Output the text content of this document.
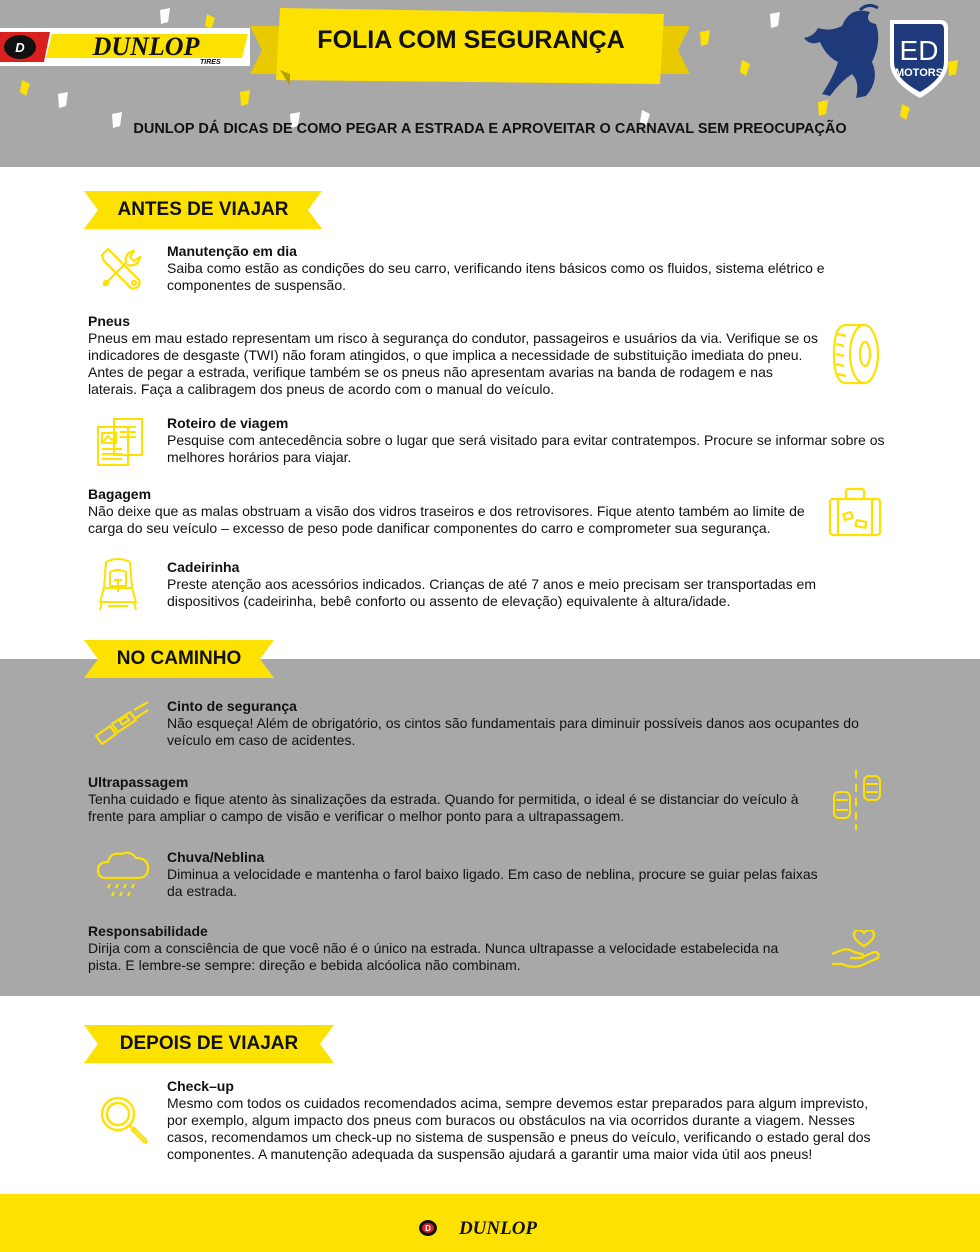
D	DUNLOP
TIRES
FOLIA COM SEGURANÇA	ED
MOTORS
DUNLOP DÁ DICAS DE COMO PEGAR A ESTRADA E APROVEITAR O CARNAVAL SEM PREOCUPAÇÃO
ANTES DE VIAJAR
NO CAMINHO
DEPOIS DE VIAJAR
Manutenção em dia
Saiba como estão as condições do seu carro, verificando itens básicos como os fluidos, sistema elétrico e componentes de suspensão.
Pneus
Pneus em mau estado representam um risco à segurança do condutor, passageiros e usuários da via. Verifique se os indicadores de desgaste (TWI) não foram atingidos, o que implica a necessidade de substituição imediata do pneu. Antes de pegar a estrada, verifique também se os pneus não apresentam avarias na banda de rodagem e nas laterais. Faça a calibragem dos pneus de acordo com o manual do veículo.
Roteiro de viagem
Pesquise com antecedência sobre o lugar que será visitado para evitar contratempos. Procure se informar sobre os melhores horários para viajar.
Bagagem
Não deixe que as malas obstruam a visão dos vidros traseiros e dos retrovisores. Fique atento também ao limite de carga do seu veículo – excesso de peso pode danificar componentes do carro e comprometer sua segurança.
Cadeirinha
Preste atenção aos acessórios indicados. Crianças de até 7 anos e meio precisam ser transportadas em dispositivos (cadeirinha, bebê conforto ou assento de elevação) equivalente à altura/idade.
Cinto de segurança
Não esqueça! Além de obrigatório, os cintos são fundamentais para diminuir possíveis danos aos ocupantes do veículo em caso de acidentes.
Ultrapassagem
Tenha cuidado e fique atento às sinalizações da estrada. Quando for permitida, o ideal é se distanciar do veículo à frente para ampliar o campo de visão e verificar o melhor ponto para a ultrapassagem.
Chuva/Neblina
Diminua a velocidade e mantenha o farol baixo ligado. Em caso de neblina, procure se guiar pelas faixas da estrada.
Responsabilidade
Dirija com a consciência de que você não é o único na estrada. Nunca ultrapasse a velocidade estabelecida na pista. E lembre-se sempre: direção e bebida alcóolica não combinam.
Check–up
Mesmo com todos os cuidados recomendados acima, sempre devemos estar preparados para algum imprevisto, por exemplo, algum impacto dos pneus com buracos ou obstáculos na via ocorridos durante a viagem. Nesses casos, recomendamos um check-up no sistema de suspensão e pneus do veículo, verificando o estado geral dos componentes. A manutenção adequada da suspensão ajudará a garantir uma maior vida útil aos pneus!
D DUNLOP
